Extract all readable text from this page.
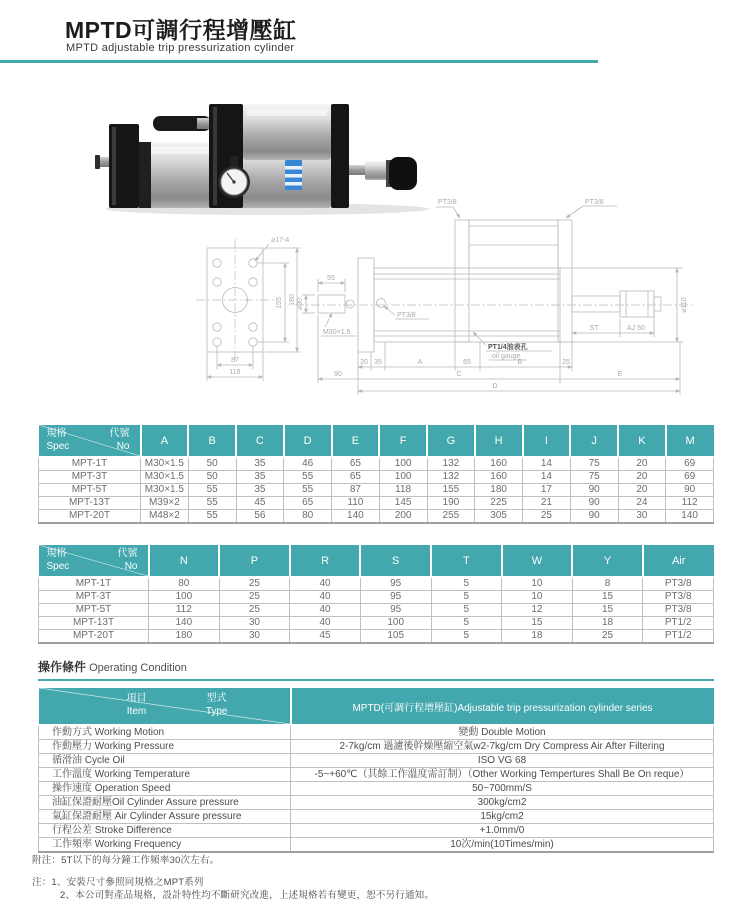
MPTD可調行程增壓缸
MPTD adjustable trip pressurization cylinder
⌀17-4
155 180
87
118
55
⌀30
M30×1.5
PT3/8
PT3/8	PT3/8
PT1/4油表孔
oil gauge
20 35	A	65	B	25
90	C	E
D
ST	AJ 50
⌀110
規格
Spec
代號
No	A	B	C	D	E	F	G	H	I	J	K	M
MPT-1T	M30×1.5	50	35	46	65	100	132	160	14	75	20	69
MPT-3T	M30×1.5	50	35	55	65	100	132	160	14	75	20	69
MPT-5T	M30×1.5	55	35	55	87	118	155	180	17	90	20	90
MPT-13T	M39×2	55	45	65	110	145	190	225	21	90	24	112
MPT-20T	M48×2	55	56	80	140	200	255	305	25	90	30	140
規格
Spec
代號
No	N	P	R	S	T	W	Y	Air
MPT-1T	80	25	40	95	5	10	8	PT3/8
MPT-3T	100	25	40	95	5	10	15	PT3/8
MPT-5T	112	25	40	95	5	12	15	PT3/8
MPT-13T	140	30	40	100	5	15	18	PT1/2
MPT-20T	180	30	45	105	5	18	25	PT1/2
操作條件 Operating Condition
項目
Item
型式
Type	MPTD(可調行程增壓缸)Adjustable trip pressurization cylinder series
作動方式 Working Motion	變動 Double Motion
作動壓力 Working Pressure	2-7kg/cm 過濾後幹燥壓縮空氣w2-7kg/cm Dry Compress Air After Filtering
循滑油 Cycle Oil	ISO VG 68
工作溫度 Working Temperature	-5~+60℃（其餘工作溫度需訂制）（Other Working Tempertures Shall Be On reque）
操作速度 Operation Speed	50~700mm/S
油缸保證耐壓Oil Cylinder Assure pressure	300kg/cm2
氣缸保證耐壓 Air Cylinder Assure pressure	15kg/cm2
行程公差 Stroke Difference	+1.0mm/0
工作頻率 Working Frequency	10次/min(10Times/min)
附注：5T以下的每分鐘工作頻率30次左右。
注：1、安裝尺寸參照同規格之MPT系列
2、本公司對產品規格，設計特性均不斷研究改進，上述規格若有變更，恕不另行通知。
